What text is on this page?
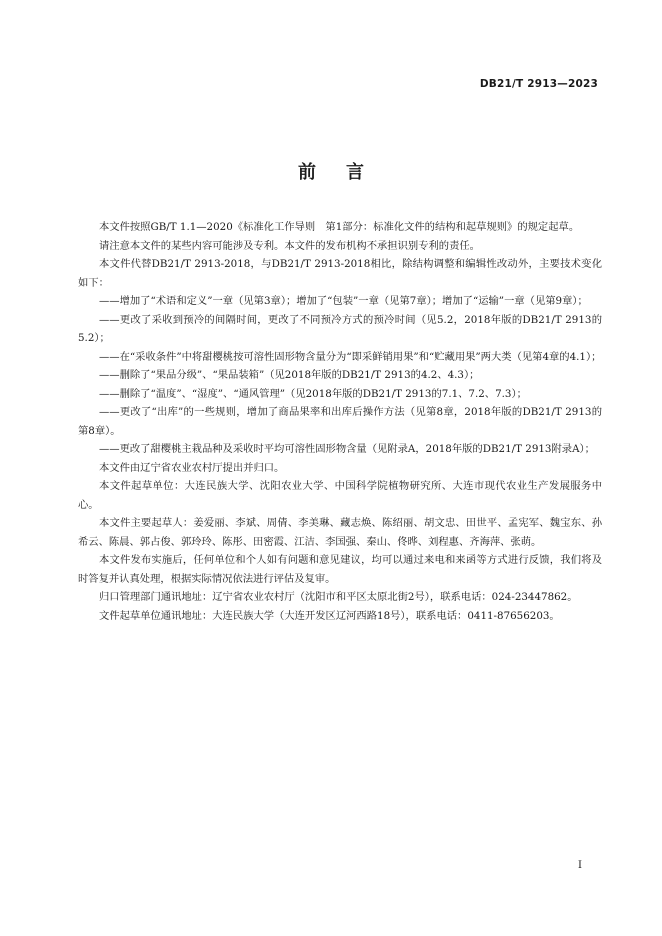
DB21/T 2913—2023
前 言

本文件按照GB/T 1.1—2020《标准化工作导则　第1部分：标准化文件的结构和起草规则》的规定起草。

请注意本文件的某些内容可能涉及专利。本文件的发布机构不承担识别专利的责任。

本文件代替DB21/T 2913-2018，与DB21/T 2913-2018相比，除结构调整和编辑性改动外，主要技术变化如下：

——增加了“术语和定义”一章（见第3章）；增加了“包装”一章（见第7章）；增加了“运输”一章（见第9章）；

——更改了采收到预冷的间隔时间，更改了不同预冷方式的预冷时间（见5.2，2018年版的DB21/T 2913的5.2）；

——在“采收条件”中将甜樱桃按可溶性固形物含量分为“即采鲜销用果”和“贮藏用果”两大类（见第4章的4.1）；

——删除了“果品分级”、“果品装箱”（见2018年版的DB21/T 2913的4.2、4.3）；

——删除了“温度”、“湿度”、“通风管理”（见2018年版的DB21/T 2913的7.1、7.2、7.3）；

——更改了“出库”的一些规则，增加了商品果率和出库后操作方法（见第8章，2018年版的DB21/T 2913的第8章）。

——更改了甜樱桃主栽品种及采收时平均可溶性固形物含量（见附录A，2018年版的DB21/T 2913附录A）；

本文件由辽宁省农业农村厅提出并归口。

本文件起草单位：大连民族大学、沈阳农业大学、中国科学院植物研究所、大连市现代农业生产发展服务中心。

本文件主要起草人：姜爱丽、李斌、周倩、李美琳、藏志焕、陈绍丽、胡文忠、田世平、孟宪军、魏宝东、孙希云、陈晨、郭占俊、郭玲玲、陈彤、田密霞、江洁、李国强、秦山、佟晔、刘程惠、齐海萍、张萌。

本文件发布实施后，任何单位和个人如有问题和意见建议，均可以通过来电和来函等方式进行反馈，我们将及时答复并认真处理，根据实际情况依法进行评估及复审。

归口管理部门通讯地址：辽宁省农业农村厅（沈阳市和平区太原北街2号），联系电话：024-23447862。

文件起草单位通讯地址：大连民族大学（大连开发区辽河西路18号），联系电话：0411-87656203。

I
